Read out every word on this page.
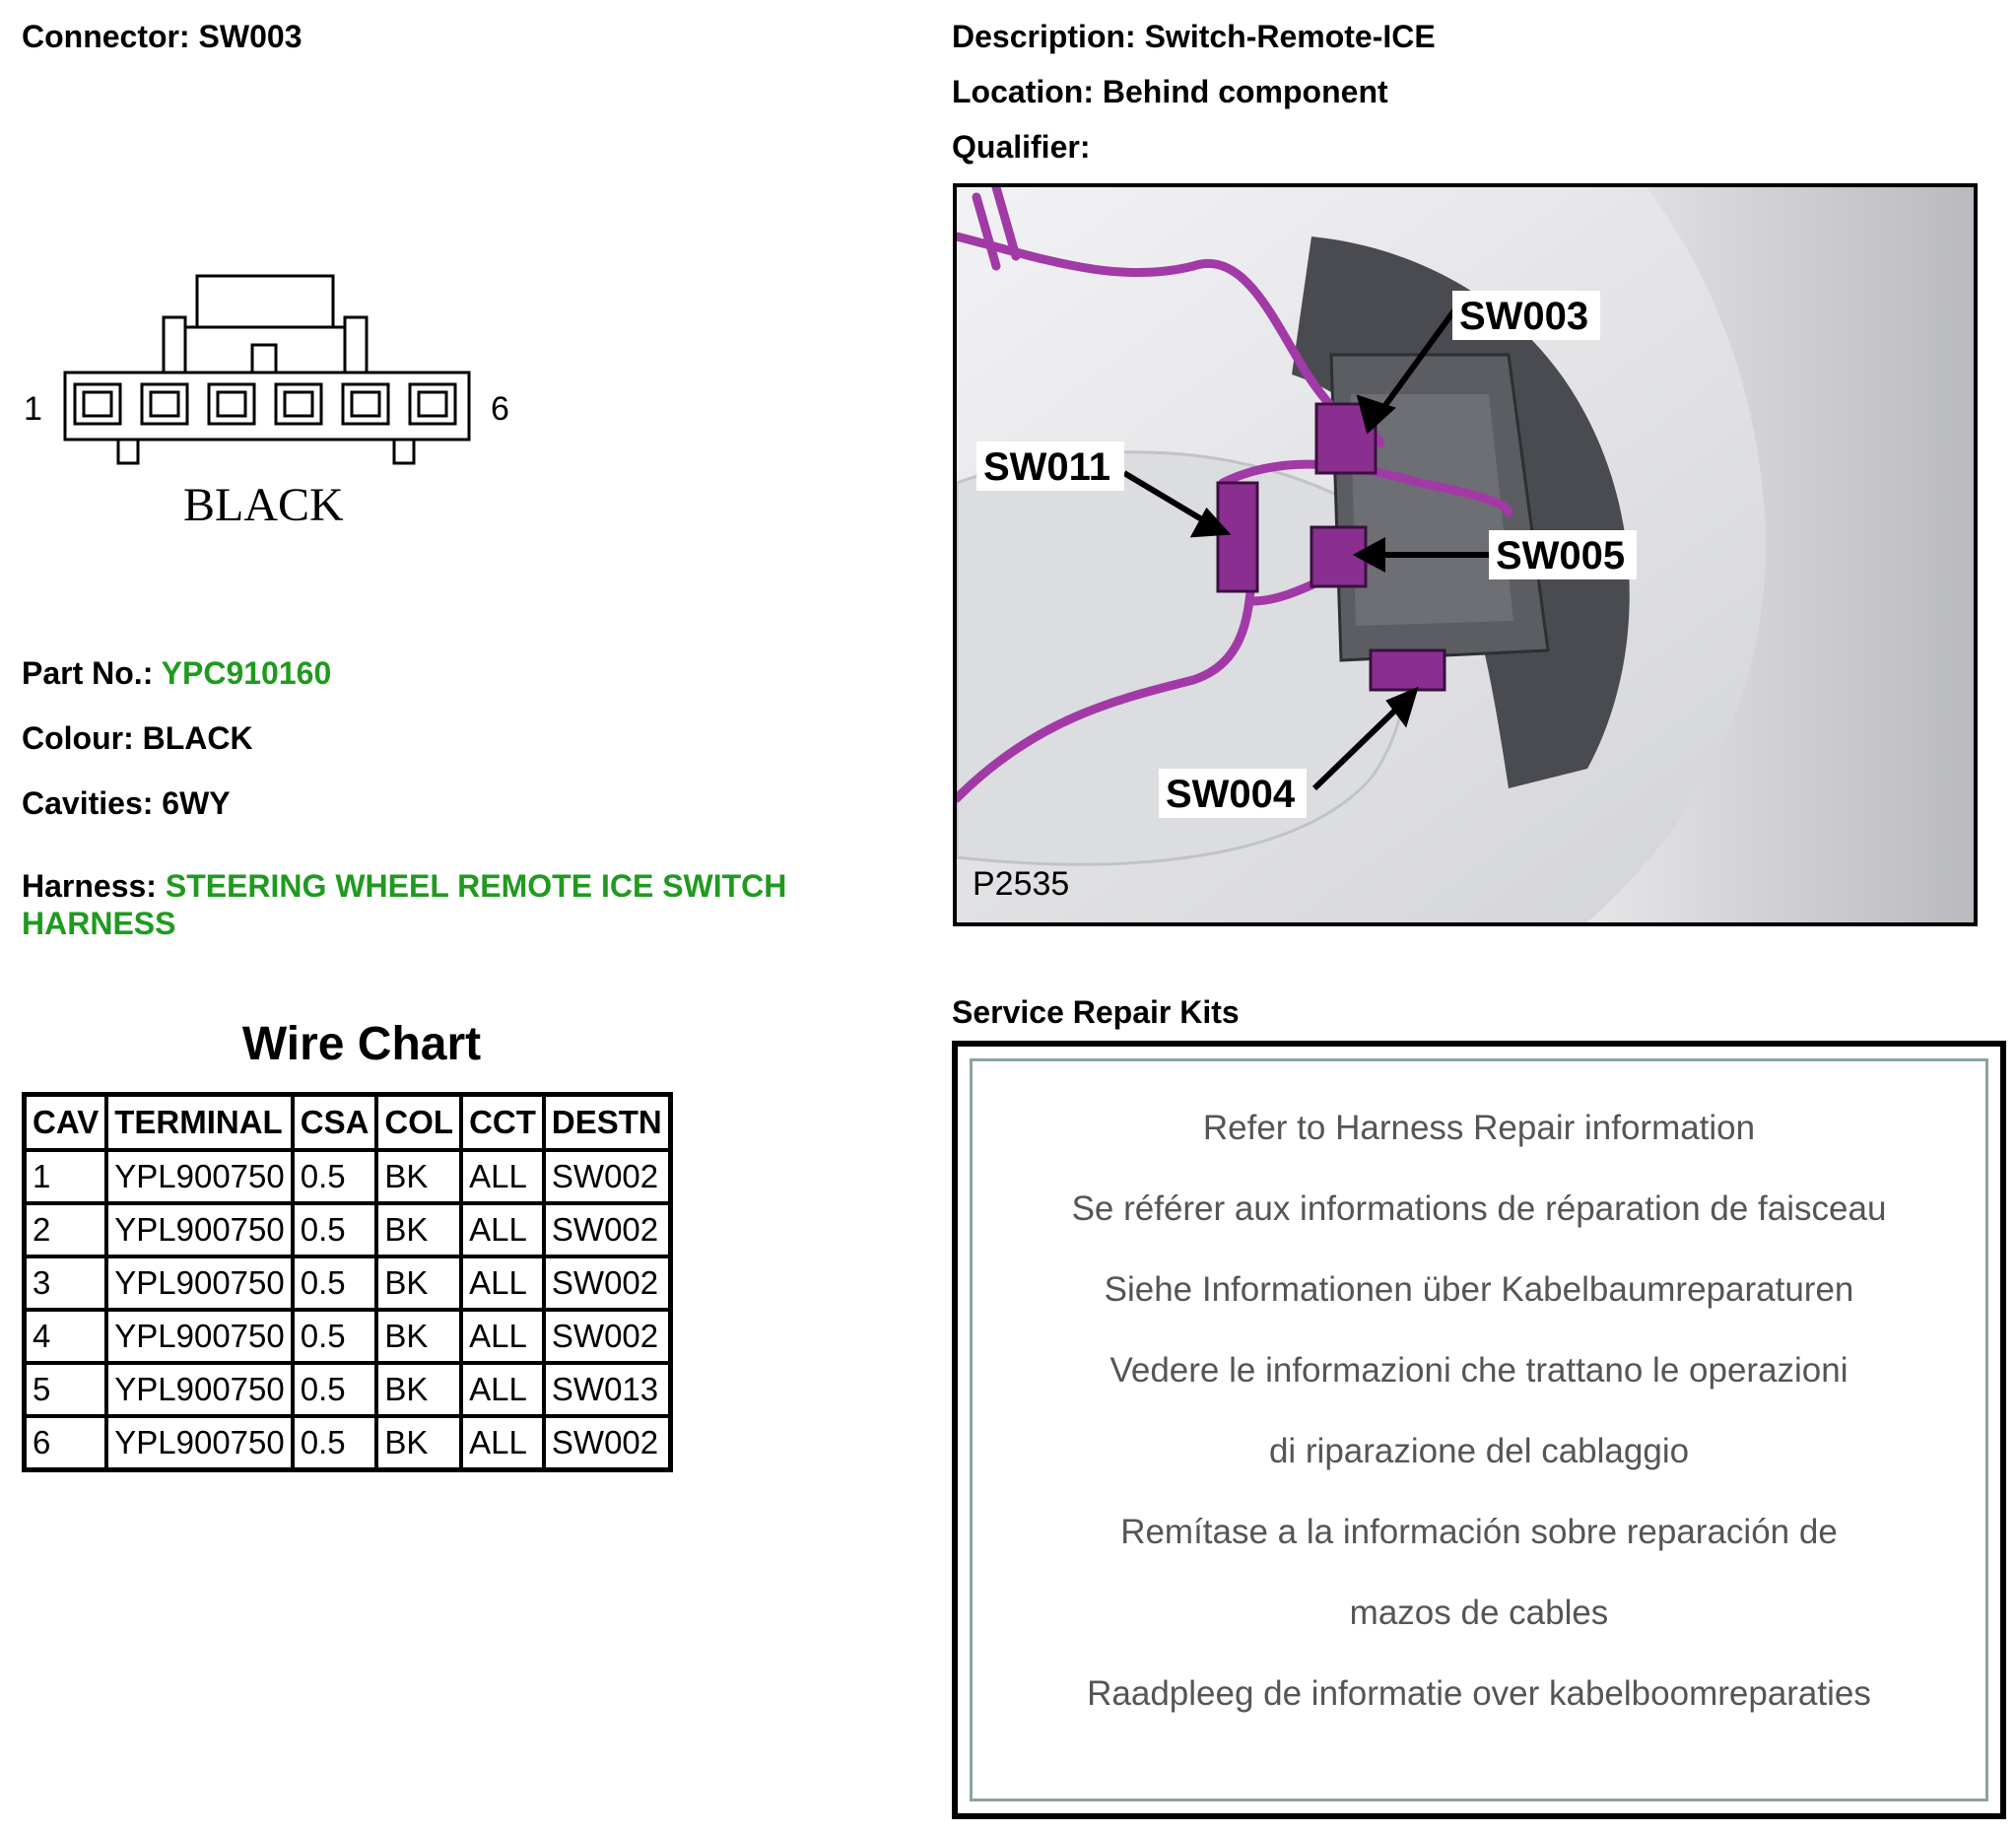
Connector: SW003	Description: Switch-Remote-ICE
Location: Behind component
Qualifier:
1	6
BLACK
Part No.: YPC910160
Colour: BLACK
Cavities: 6WY
Harness: STEERING WHEEL REMOTE ICE SWITCH
HARNESS
Wire Chart
CAV	TERMINAL	CSA	COL	CCT	DESTN
1	YPL900750	0.5	BK	ALL	SW002
2	YPL900750	0.5	BK	ALL	SW002
3	YPL900750	0.5	BK	ALL	SW002
4	YPL900750	0.5	BK	ALL	SW002
5	YPL900750	0.5	BK	ALL	SW013
6	YPL900750	0.5	BK	ALL	SW002
SW003
SW011
SW005
SW004
P2535
Service Repair Kits
Refer to Harness Repair information
Se référer aux informations de réparation de faisceau
Siehe Informationen über Kabelbaumreparaturen
Vedere le informazioni che trattano le operazioni
di riparazione del cablaggio
Remítase a la información sobre reparación de
mazos de cables
Raadpleeg de informatie over kabelboomreparaties
